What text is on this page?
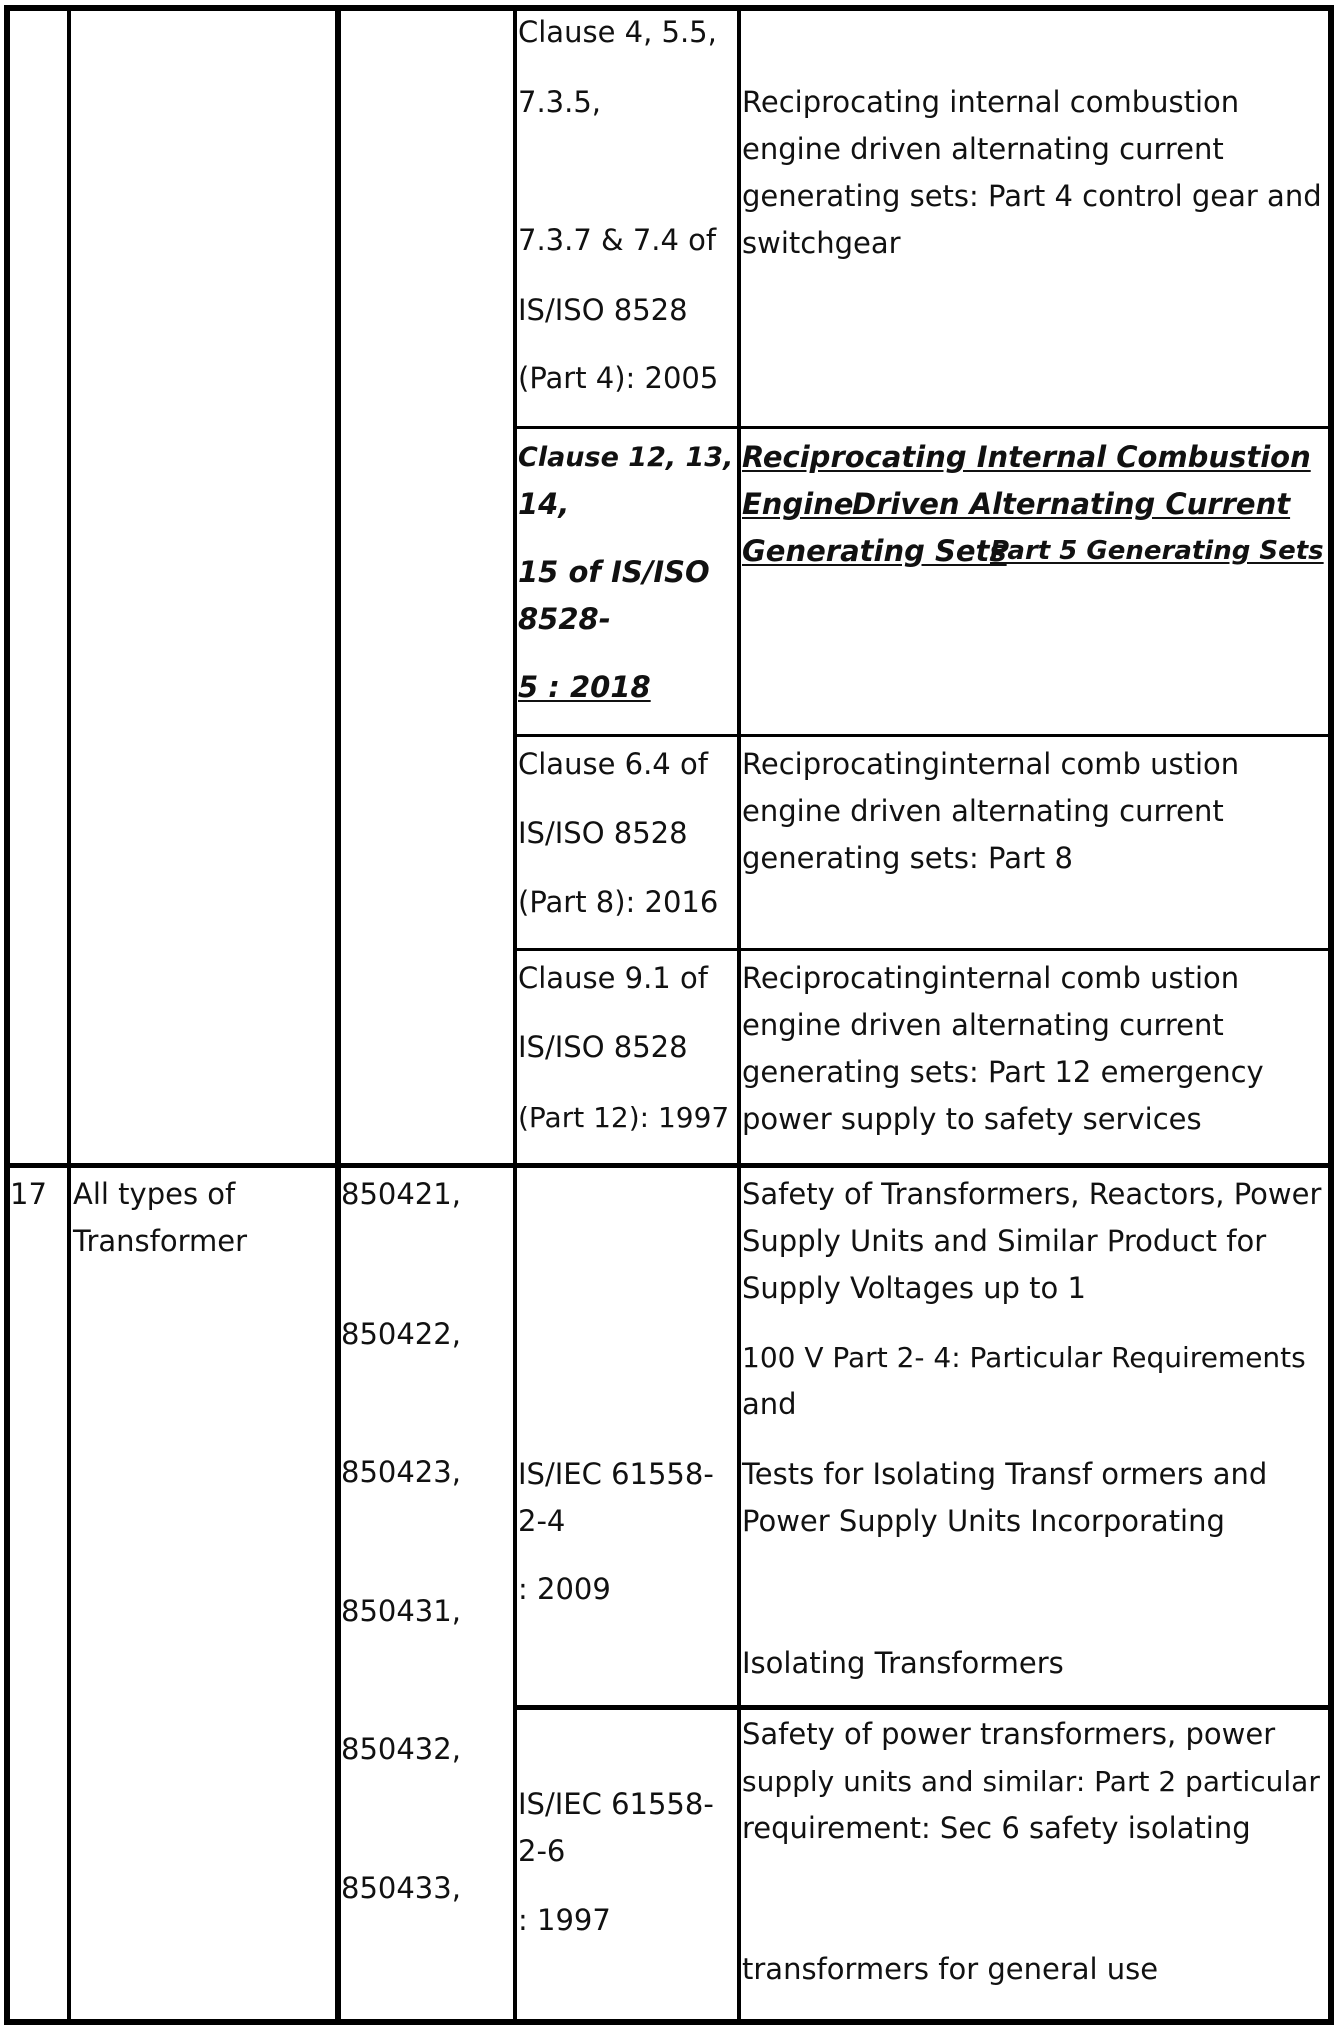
Clause 4, 5.5,
7.3.5,
7.3.7 & 7.4 of
IS/ISO 8528
(Part 4): 2005
Reciprocating internal combustion
engine driven alternating current
generating sets: Part 4 control gear and
switchgear
Clause 12, 13,
14,
15 of IS/ISO
8528-
5 : 2018
Reciprocating Internal Combustion
Engine
Driven Alternating Current
Generating Sets
Part 5 Generating Sets
Clause 6.4 of
IS/ISO 8528
(Part 8): 2016
Reciprocatinginternal comb ustion
engine driven alternating current
generating sets: Part 8
Clause 9.1 of
IS/ISO 8528
(Part 12): 1997
Reciprocatinginternal comb ustion
engine driven alternating current
generating sets: Part 12 emergency
power supply to safety services
17 All types of
Transformer
850421,
850422,
850423,
850431,
850432,
850433,
IS/IEC 61558-
2-4
: 2009
Safety of Transformers, Reactors, Power
Supply Units and Similar Product for
Supply Voltages up to 1
100 V Part 2- 4: Particular Requirements
and
Tests for Isolating Transf ormers and
Power Supply Units Incorporating
Isolating Transformers
IS/IEC 61558-
2-6
: 1997
Safety of power transformers, power
supply units and similar: Part 2 particular
requirement: Sec 6 safety isolating
transformers for general use
